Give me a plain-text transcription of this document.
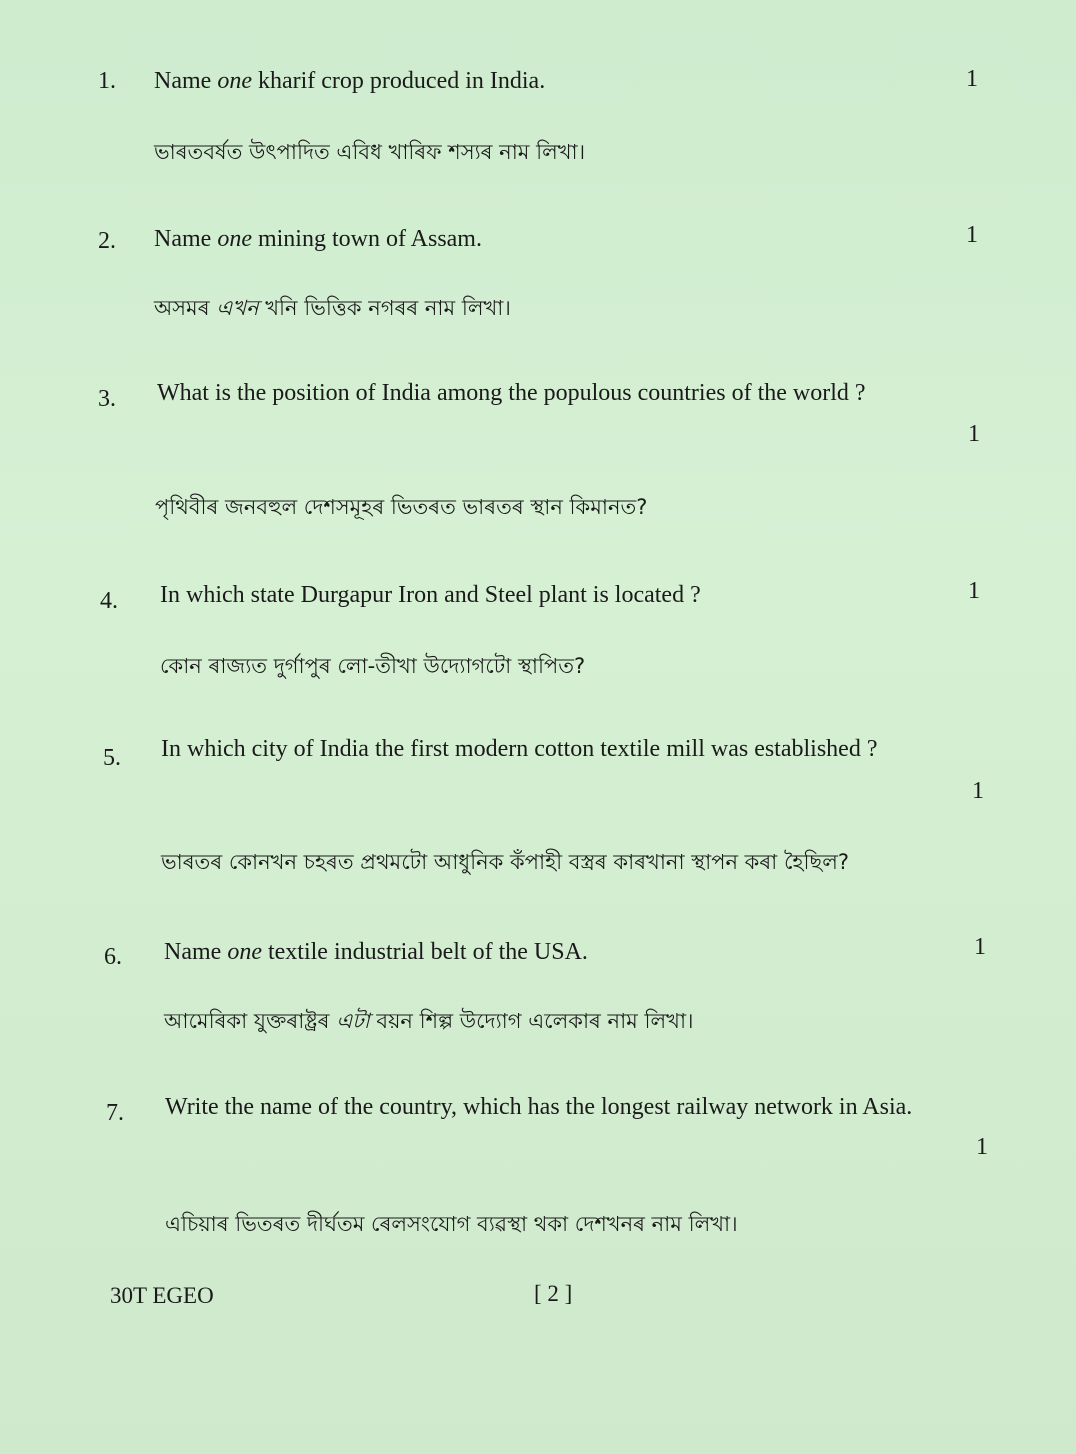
1. Name one kharif crop produced in India.	1
ভাৰতবৰ্ষত উৎপাদিত এবিধ খাৰিফ শস্যৰ নাম লিখা।
2. Name one mining town of Assam.	1
অসমৰ এখন খনি ভিত্তিক নগৰৰ নাম লিখা।
3. What is the position of India among the populous countries of the world ?
1
পৃথিবীৰ জনবহুল দেশসমূহৰ ভিতৰত ভাৰতৰ স্থান কিমানত?
4. In which state Durgapur Iron and Steel plant is located ?	1
কোন ৰাজ্যত দুৰ্গাপুৰ লো-তীখা উদ্যোগটো স্থাপিত?
5. In which city of India the first modern cotton textile mill was established ?
1
ভাৰতৰ কোনখন চহৰত প্ৰথমটো আধুনিক কঁপাহী বস্ত্ৰৰ কাৰখানা স্থাপন কৰা হৈছিল?
6. Name one textile industrial belt of the USA.	1
আমেৰিকা যুক্তৰাষ্ট্ৰৰ এটা বয়ন শিল্প উদ্যোগ এলেকাৰ নাম লিখা।
7. Write the name of the country, which has the longest railway network in Asia.
1
এচিয়াৰ ভিতৰত দীৰ্ঘতম ৰেলসংযোগ ব্যৱস্থা থকা দেশখনৰ নাম লিখা।
30T EGEO	[ 2 ]
